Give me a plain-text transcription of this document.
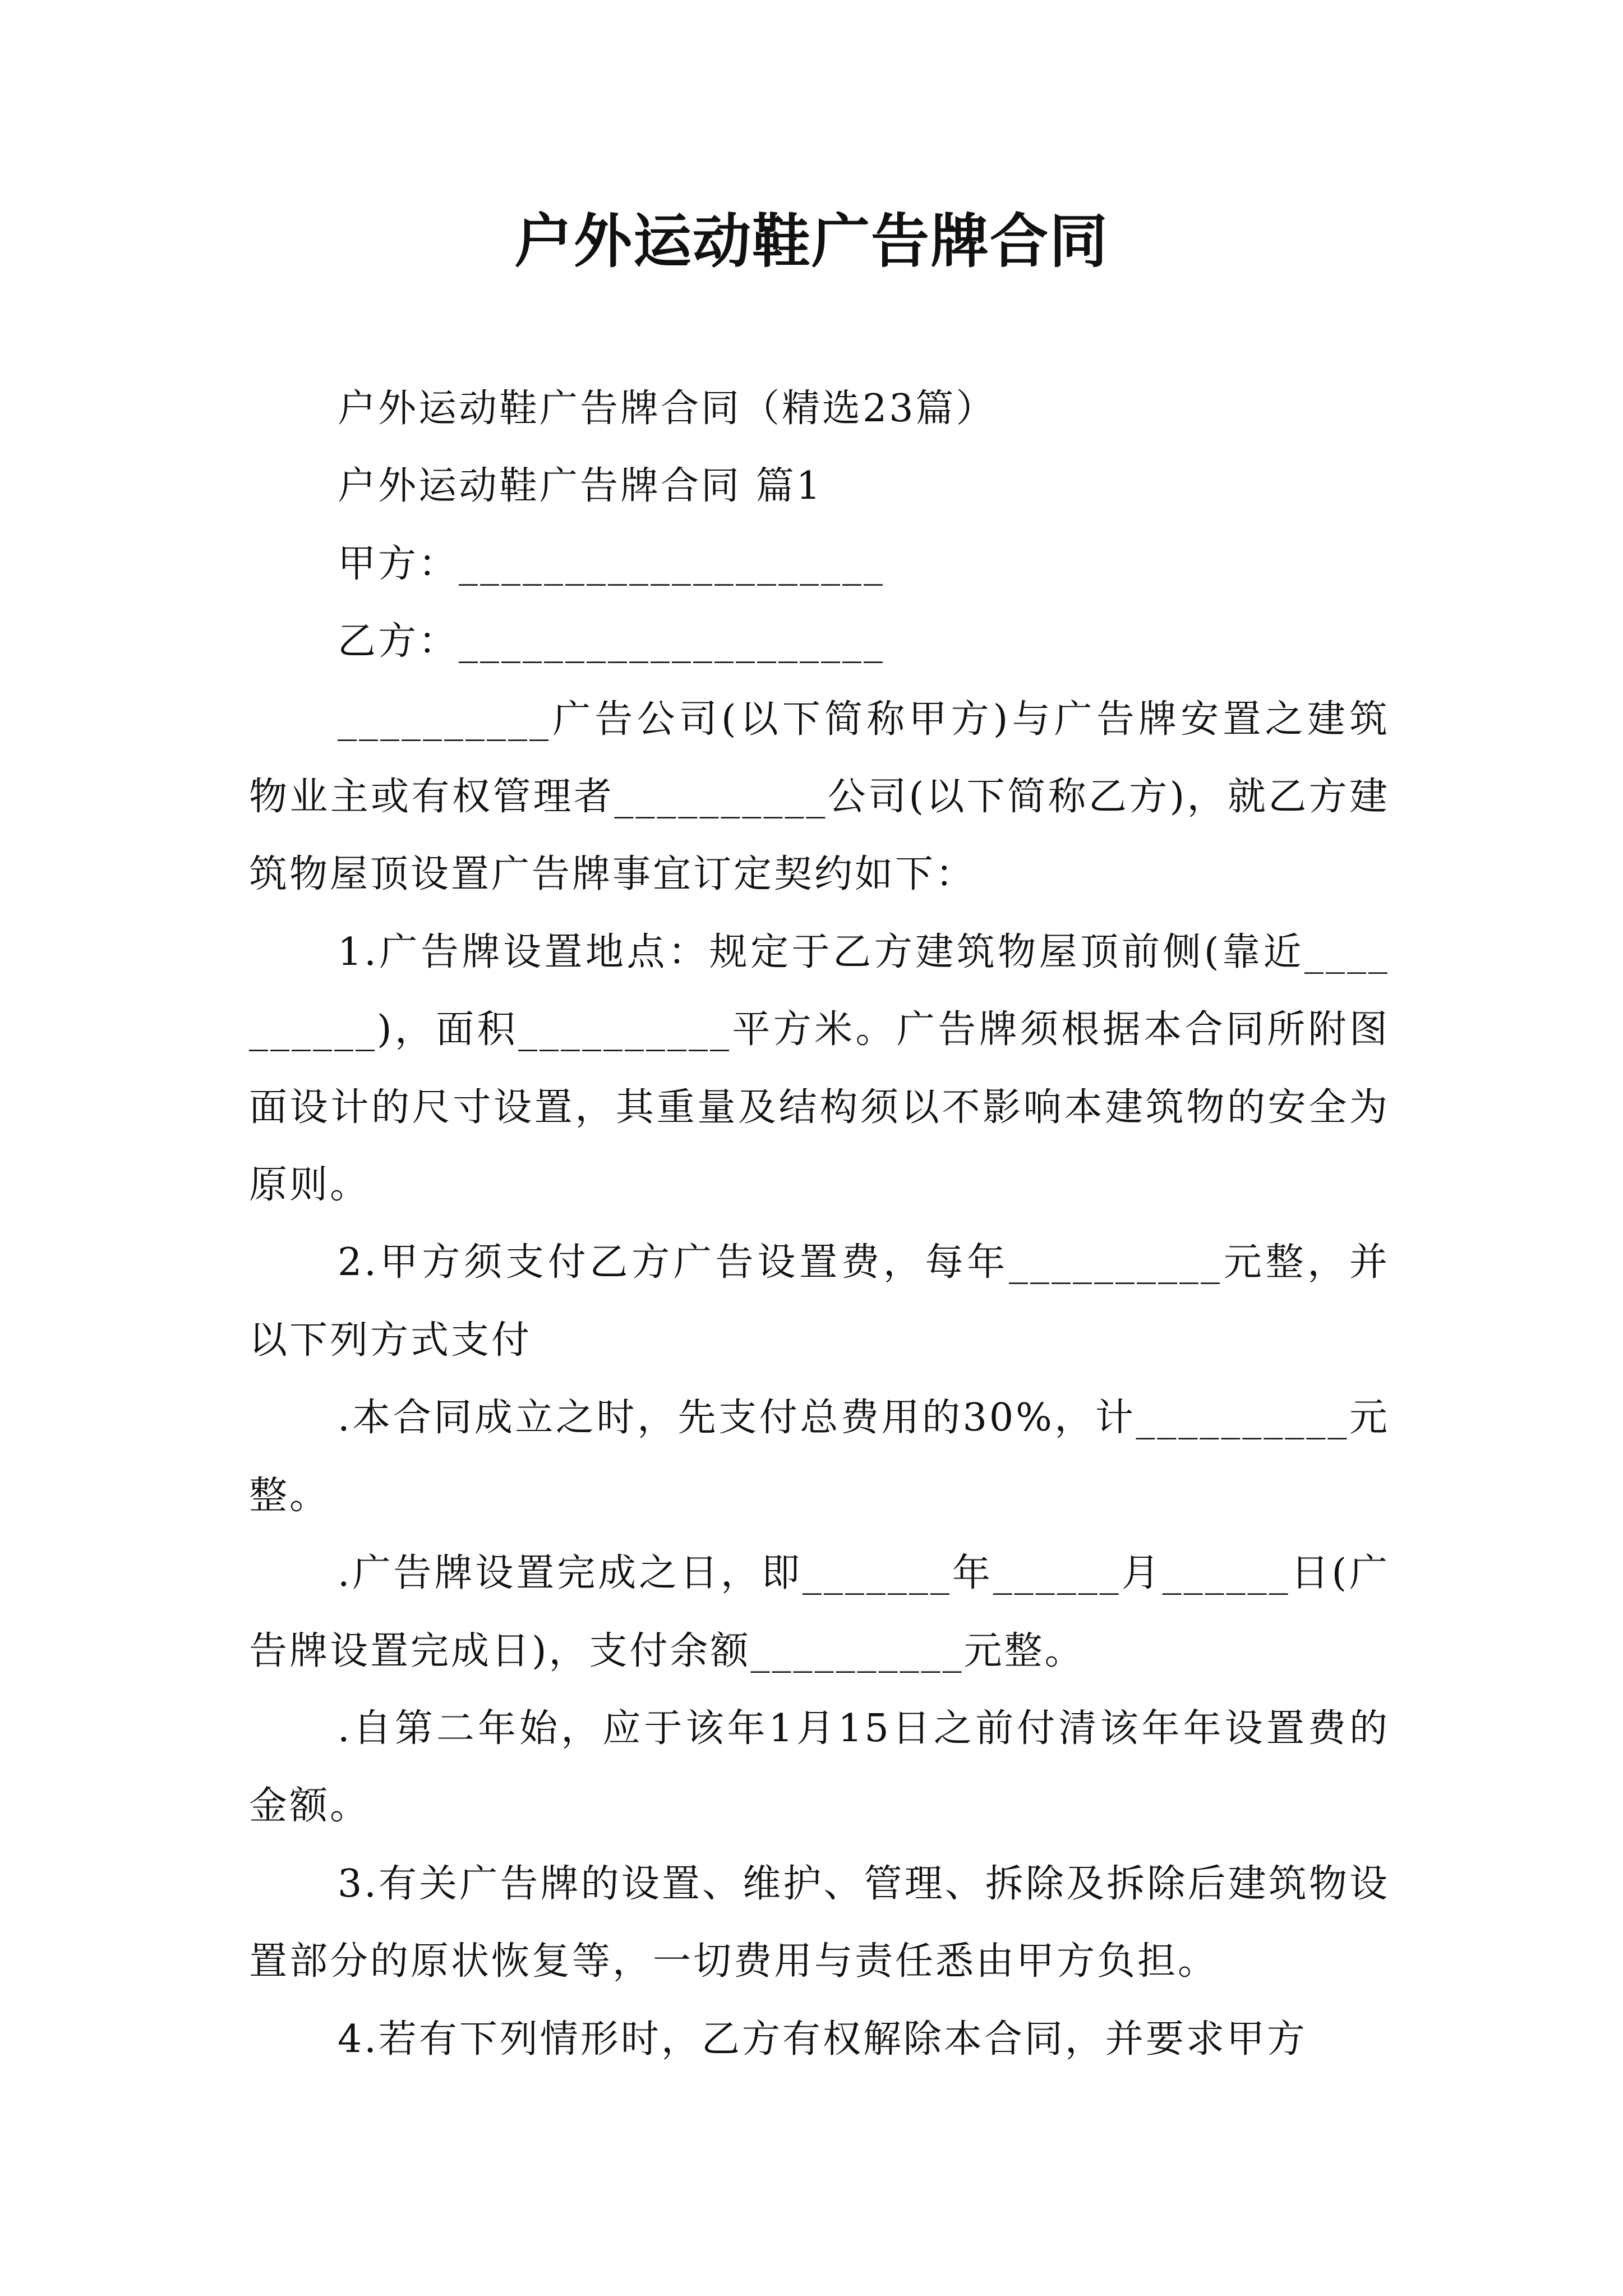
户外运动鞋广告牌合同

户外运动鞋广告牌合同（精选23篇）

户外运动鞋广告牌合同 篇1

甲方：____________________

乙方：____________________

__________广告公司(以下简称甲方)与广告牌安置之建筑物业主或有权管理者__________公司(以下简称乙方)，就乙方建筑物屋顶设置广告牌事宜订定契约如下：

1.广告牌设置地点：规定于乙方建筑物屋顶前侧(靠近__________)，面积__________平方米。广告牌须根据本合同所附图面设计的尺寸设置，其重量及结构须以不影响本建筑物的安全为原则。

2.甲方须支付乙方广告设置费，每年__________元整，并以下列方式支付

.本合同成立之时，先支付总费用的30%，计__________元整。

.广告牌设置完成之日，即_______年______月______日(广告牌设置完成日)，支付余额__________元整。

.自第二年始，应于该年1月15日之前付清该年年设置费的金额。

3.有关广告牌的设置、维护、管理、拆除及拆除后建筑物设置部分的原状恢复等，一切费用与责任悉由甲方负担。

4.若有下列情形时，乙方有权解除本合同，并要求甲方
